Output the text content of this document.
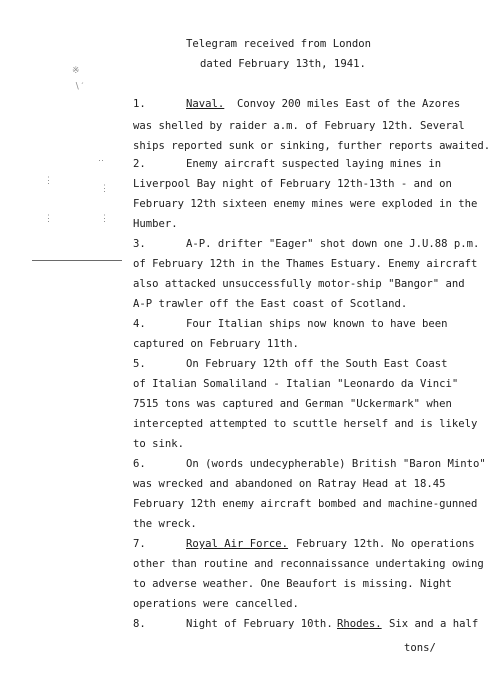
※
∖′
⋮
⋮
‥
⋮
⋮
Telegram received from London
dated February 13th, 1941.
1.	Naval. Convoy 200 miles East of the Azores
was shelled by raider a.m. of February 12th. Several
ships reported sunk or sinking, further reports awaited.
2.	Enemy aircraft suspected laying mines in
Liverpool Bay night of February 12th-13th - and on
February 12th sixteen enemy mines were exploded in the
Humber.
3.	A-P. drifter "Eager" shot down one J.U.88 p.m.
of February 12th in the Thames Estuary. Enemy aircraft
also attacked unsuccessfully motor-ship "Bangor" and
A-P trawler off the East coast of Scotland.
4.	Four Italian ships now known to have been
captured on February 11th.
5.	On February 12th off the South East Coast
of Italian Somaliland - Italian "Leonardo da Vinci"
7515 tons was captured and German "Uckermark" when
intercepted attempted to scuttle herself and is likely
to sink.
6.	On (words undecypherable) British "Baron Minto"
was wrecked and abandoned on Ratray Head at 18.45
February 12th enemy aircraft bombed and machine-gunned
the wreck.
7.	Royal Air Force. February 12th. No operations
other than routine and reconnaissance undertaking owing
to adverse weather. One Beaufort is missing. Night
operations were cancelled.
8.	Night of February 10th. Rhodes. Six and a half
tons/
